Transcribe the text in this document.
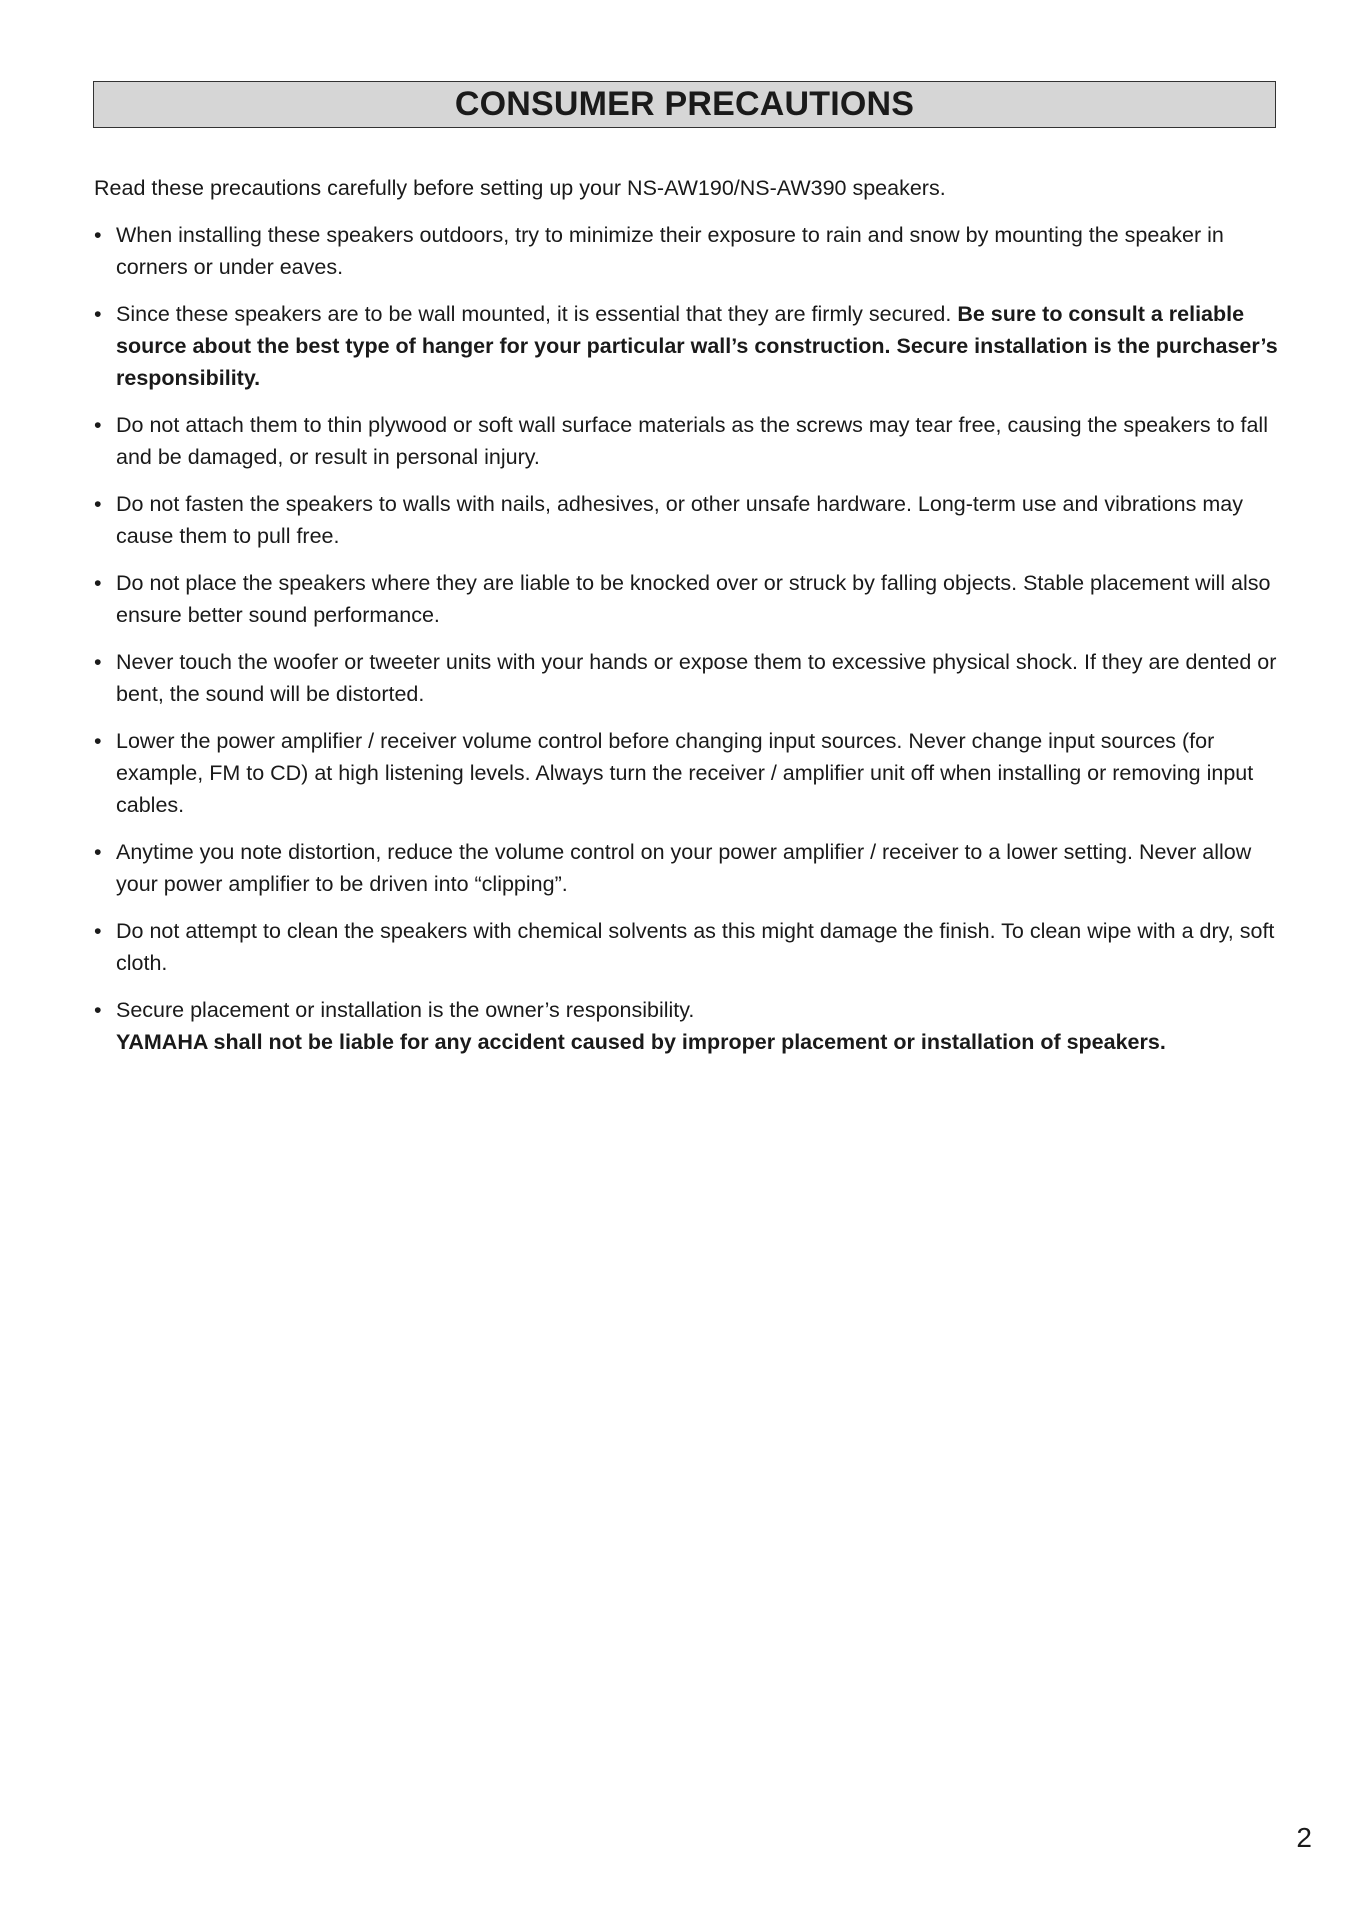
CONSUMER PRECAUTIONS

Read these precautions carefully before setting up your NS-AW190/NS-AW390 speakers.

• When installing these speakers outdoors, try to minimize their exposure to rain and snow by mounting the speaker in corners or under eaves.
• Since these speakers are to be wall mounted, it is essential that they are firmly secured. Be sure to consult a reliable source about the best type of hanger for your particular wall’s construction. Secure installation is the purchaser’s responsibility.
• Do not attach them to thin plywood or soft wall surface materials as the screws may tear free, causing the speakers to fall and be damaged, or result in personal injury.
• Do not fasten the speakers to walls with nails, adhesives, or other unsafe hardware. Long-term use and vibrations may cause them to pull free.
• Do not place the speakers where they are liable to be knocked over or struck by falling objects. Stable placement will also ensure better sound performance.
• Never touch the woofer or tweeter units with your hands or expose them to excessive physical shock. If they are dented or bent, the sound will be distorted.
• Lower the power amplifier / receiver volume control before changing input sources. Never change input sources (for example, FM to CD) at high listening levels. Always turn the receiver / amplifier unit off when installing or removing input cables.
• Anytime you note distortion, reduce the volume control on your power amplifier / receiver to a lower setting. Never allow your power amplifier to be driven into “clipping”.
• Do not attempt to clean the speakers with chemical solvents as this might damage the finish. To clean wipe with a dry, soft cloth.
• Secure placement or installation is the owner’s responsibility.
YAMAHA shall not be liable for any accident caused by improper placement or installation of speakers.
2
